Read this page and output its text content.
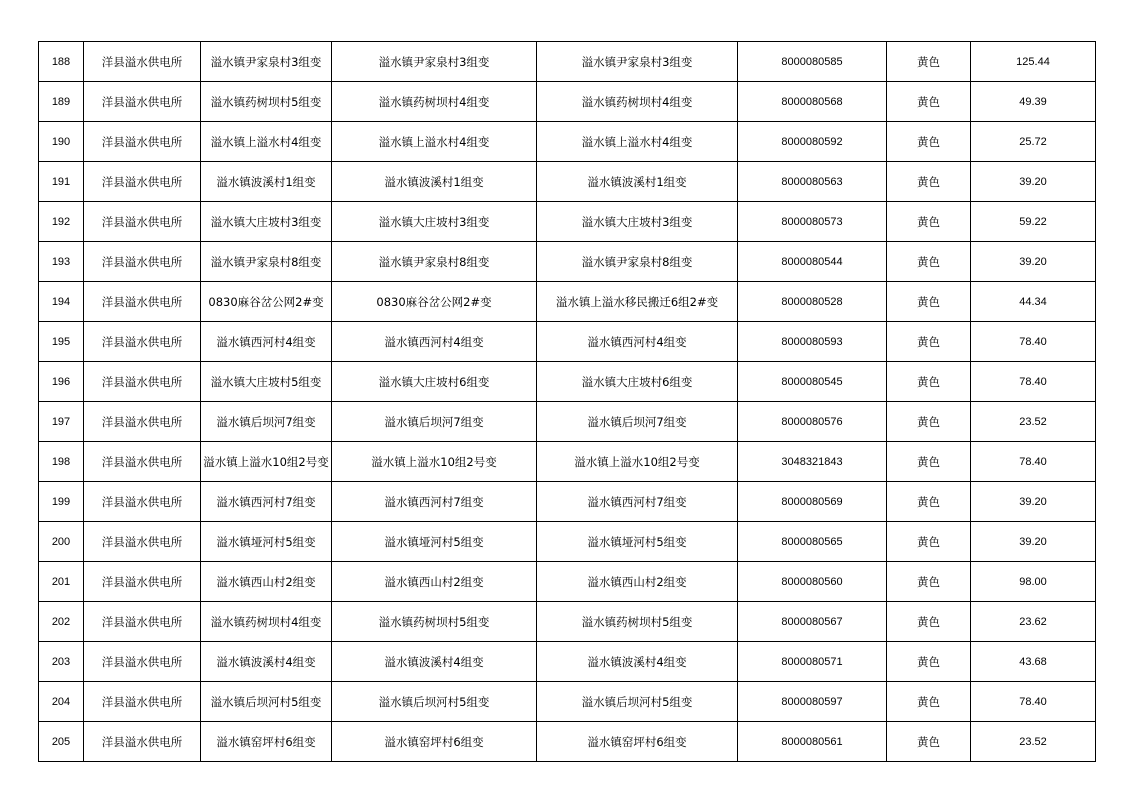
188	洋县溢水供电所	溢水镇尹家泉村3组变	溢水镇尹家泉村3组变	溢水镇尹家泉村3组变	8000080585	黄色	125.44
189	洋县溢水供电所	溢水镇药树坝村5组变	溢水镇药树坝村4组变	溢水镇药树坝村4组变	8000080568	黄色	49.39
190	洋县溢水供电所	溢水镇上溢水村4组变	溢水镇上溢水村4组变	溢水镇上溢水村4组变	8000080592	黄色	25.72
191	洋县溢水供电所	溢水镇波溪村1组变	溢水镇波溪村1组变	溢水镇波溪村1组变	8000080563	黄色	39.20
192	洋县溢水供电所	溢水镇大庄坡村3组变	溢水镇大庄坡村3组变	溢水镇大庄坡村3组变	8000080573	黄色	59.22
193	洋县溢水供电所	溢水镇尹家泉村8组变	溢水镇尹家泉村8组变	溢水镇尹家泉村8组变	8000080544	黄色	39.20
194	洋县溢水供电所	0830麻谷岔公网2#变	0830麻谷岔公网2#变	溢水镇上溢水移民搬迁6组2#变	8000080528	黄色	44.34
195	洋县溢水供电所	溢水镇西河村4组变	溢水镇西河村4组变	溢水镇西河村4组变	8000080593	黄色	78.40
196	洋县溢水供电所	溢水镇大庄坡村5组变	溢水镇大庄坡村6组变	溢水镇大庄坡村6组变	8000080545	黄色	78.40
197	洋县溢水供电所	溢水镇后坝河7组变	溢水镇后坝河7组变	溢水镇后坝河7组变	8000080576	黄色	23.52
198	洋县溢水供电所	溢水镇上溢水10组2号变	溢水镇上溢水10组2号变	溢水镇上溢水10组2号变	3048321843	黄色	78.40
199	洋县溢水供电所	溢水镇西河村7组变	溢水镇西河村7组变	溢水镇西河村7组变	8000080569	黄色	39.20
200	洋县溢水供电所	溢水镇垭河村5组变	溢水镇垭河村5组变	溢水镇垭河村5组变	8000080565	黄色	39.20
201	洋县溢水供电所	溢水镇西山村2组变	溢水镇西山村2组变	溢水镇西山村2组变	8000080560	黄色	98.00
202	洋县溢水供电所	溢水镇药树坝村4组变	溢水镇药树坝村5组变	溢水镇药树坝村5组变	8000080567	黄色	23.62
203	洋县溢水供电所	溢水镇波溪村4组变	溢水镇波溪村4组变	溢水镇波溪村4组变	8000080571	黄色	43.68
204	洋县溢水供电所	溢水镇后坝河村5组变	溢水镇后坝河村5组变	溢水镇后坝河村5组变	8000080597	黄色	78.40
205	洋县溢水供电所	溢水镇窑坪村6组变	溢水镇窑坪村6组变	溢水镇窑坪村6组变	8000080561	黄色	23.52
